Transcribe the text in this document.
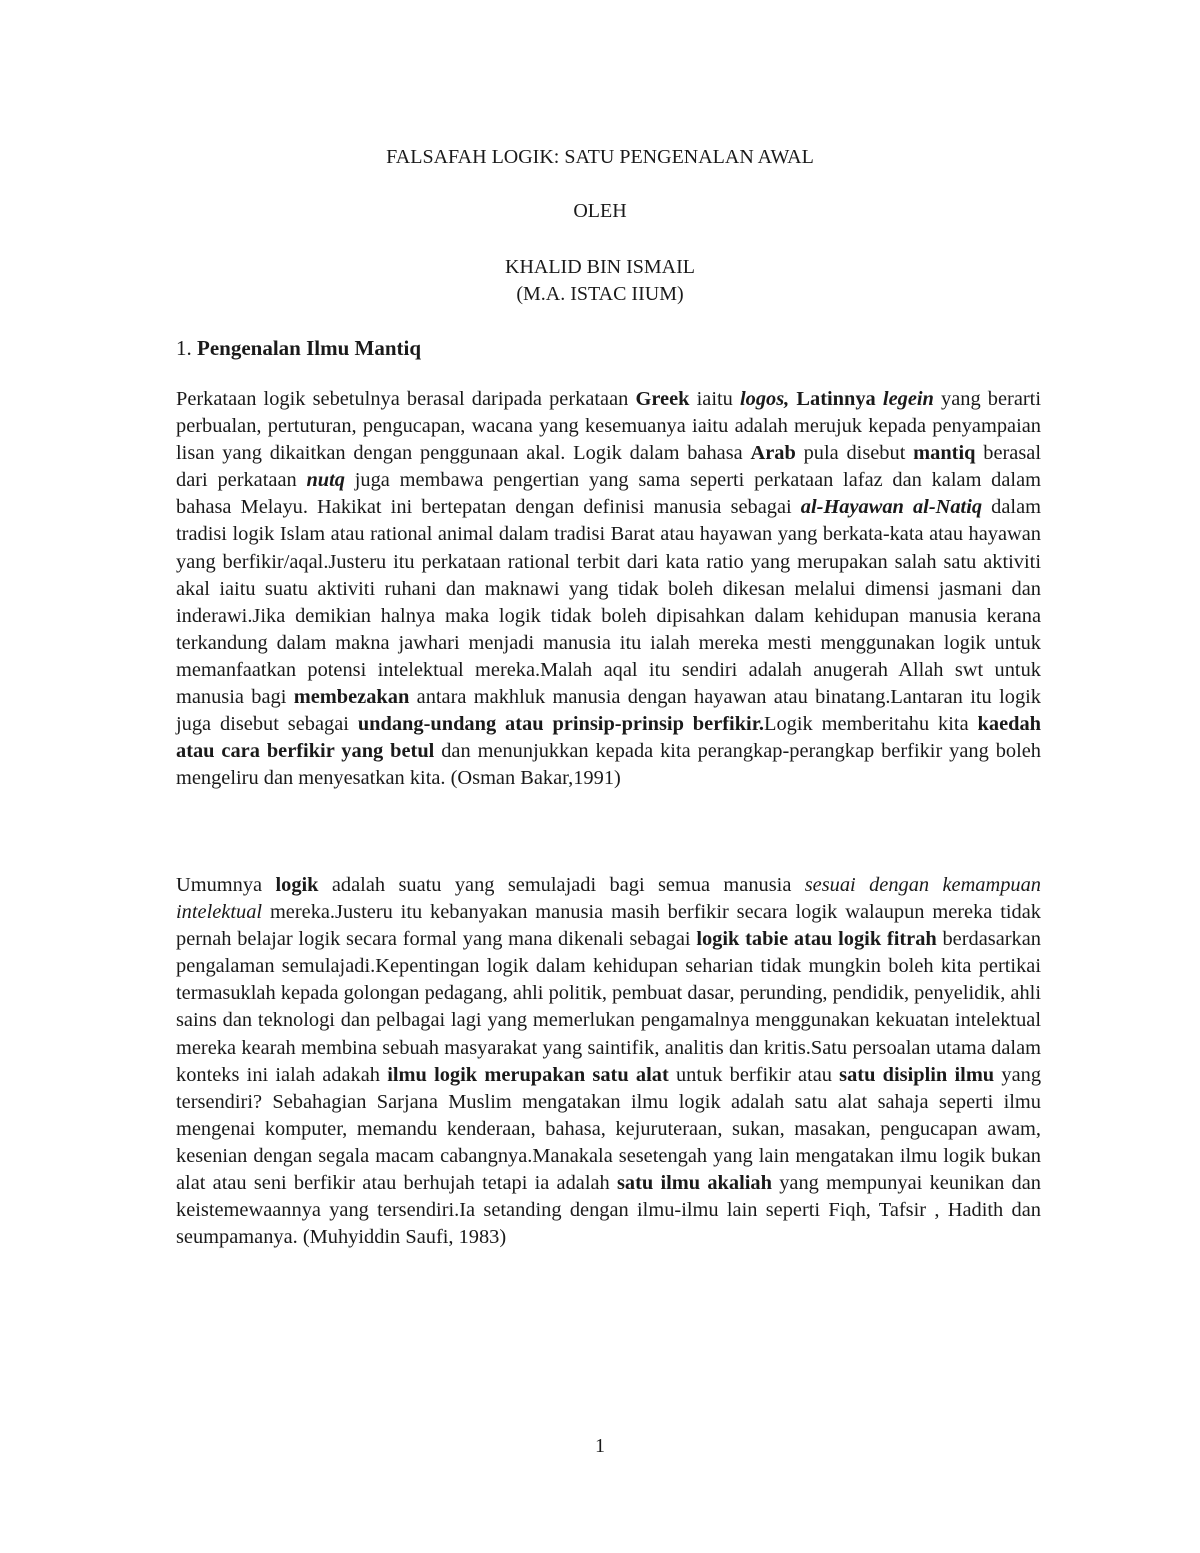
FALSAFAH LOGIK: SATU PENGENALAN AWAL
OLEH
KHALID BIN ISMAIL
(M.A. ISTAC IIUM)
1. Pengenalan Ilmu Mantiq
Perkataan logik sebetulnya berasal daripada perkataan Greek iaitu logos, Latinnya legein yang berarti perbualan, pertuturan, pengucapan, wacana yang kesemuanya iaitu adalah merujuk kepada penyampaian lisan yang dikaitkan dengan penggunaan akal. Logik dalam bahasa Arab pula disebut mantiq berasal dari perkataan nutq juga membawa pengertian yang sama seperti perkataan lafaz dan kalam dalam bahasa Melayu. Hakikat ini bertepatan dengan definisi manusia sebagai al-Hayawan al-Natiq dalam tradisi logik Islam atau rational animal dalam tradisi Barat atau hayawan yang berkata-kata atau hayawan yang berfikir/aqal.Justeru itu perkataan rational terbit dari kata ratio yang merupakan salah satu aktiviti akal iaitu suatu aktiviti ruhani dan maknawi yang tidak boleh dikesan melalui dimensi jasmani dan inderawi.Jika demikian halnya maka logik tidak boleh dipisahkan dalam kehidupan manusia kerana terkandung dalam makna jawhari menjadi manusia itu ialah mereka mesti menggunakan logik untuk memanfaatkan potensi intelektual mereka.Malah aqal itu sendiri adalah anugerah Allah swt untuk manusia bagi membezakan antara makhluk manusia dengan hayawan atau binatang.Lantaran itu logik juga disebut sebagai undang-undang atau prinsip-prinsip berfikir.Logik memberitahu kita kaedah atau cara berfikir yang betul dan menunjukkan kepada kita perangkap-perangkap berfikir yang boleh mengeliru dan menyesatkan kita. (Osman Bakar,1991)
Umumnya logik adalah suatu yang semulajadi bagi semua manusia sesuai dengan kemampuan intelektual mereka.Justeru itu kebanyakan manusia masih berfikir secara logik walaupun mereka tidak pernah belajar logik secara formal yang mana dikenali sebagai logik tabie atau logik fitrah berdasarkan pengalaman semulajadi.Kepentingan logik dalam kehidupan seharian tidak mungkin boleh kita pertikai termasuklah kepada golongan pedagang, ahli politik, pembuat dasar, perunding, pendidik, penyelidik, ahli sains dan teknologi dan pelbagai lagi yang memerlukan pengamalnya menggunakan kekuatan intelektual mereka kearah membina sebuah masyarakat yang saintifik, analitis dan kritis.Satu persoalan utama dalam konteks ini ialah adakah ilmu logik merupakan satu alat untuk berfikir atau satu disiplin ilmu yang tersendiri? Sebahagian Sarjana Muslim mengatakan ilmu logik adalah satu alat sahaja seperti ilmu mengenai komputer, memandu kenderaan, bahasa, kejuruteraan, sukan, masakan, pengucapan awam, kesenian dengan segala macam cabangnya.Manakala sesetengah yang lain mengatakan ilmu logik bukan alat atau seni berfikir atau berhujah tetapi ia adalah satu ilmu akaliah yang mempunyai keunikan dan keistemewaannya yang tersendiri.Ia setanding dengan ilmu-ilmu lain seperti Fiqh, Tafsir , Hadith dan seumpamanya. (Muhyiddin Saufi, 1983)
1
